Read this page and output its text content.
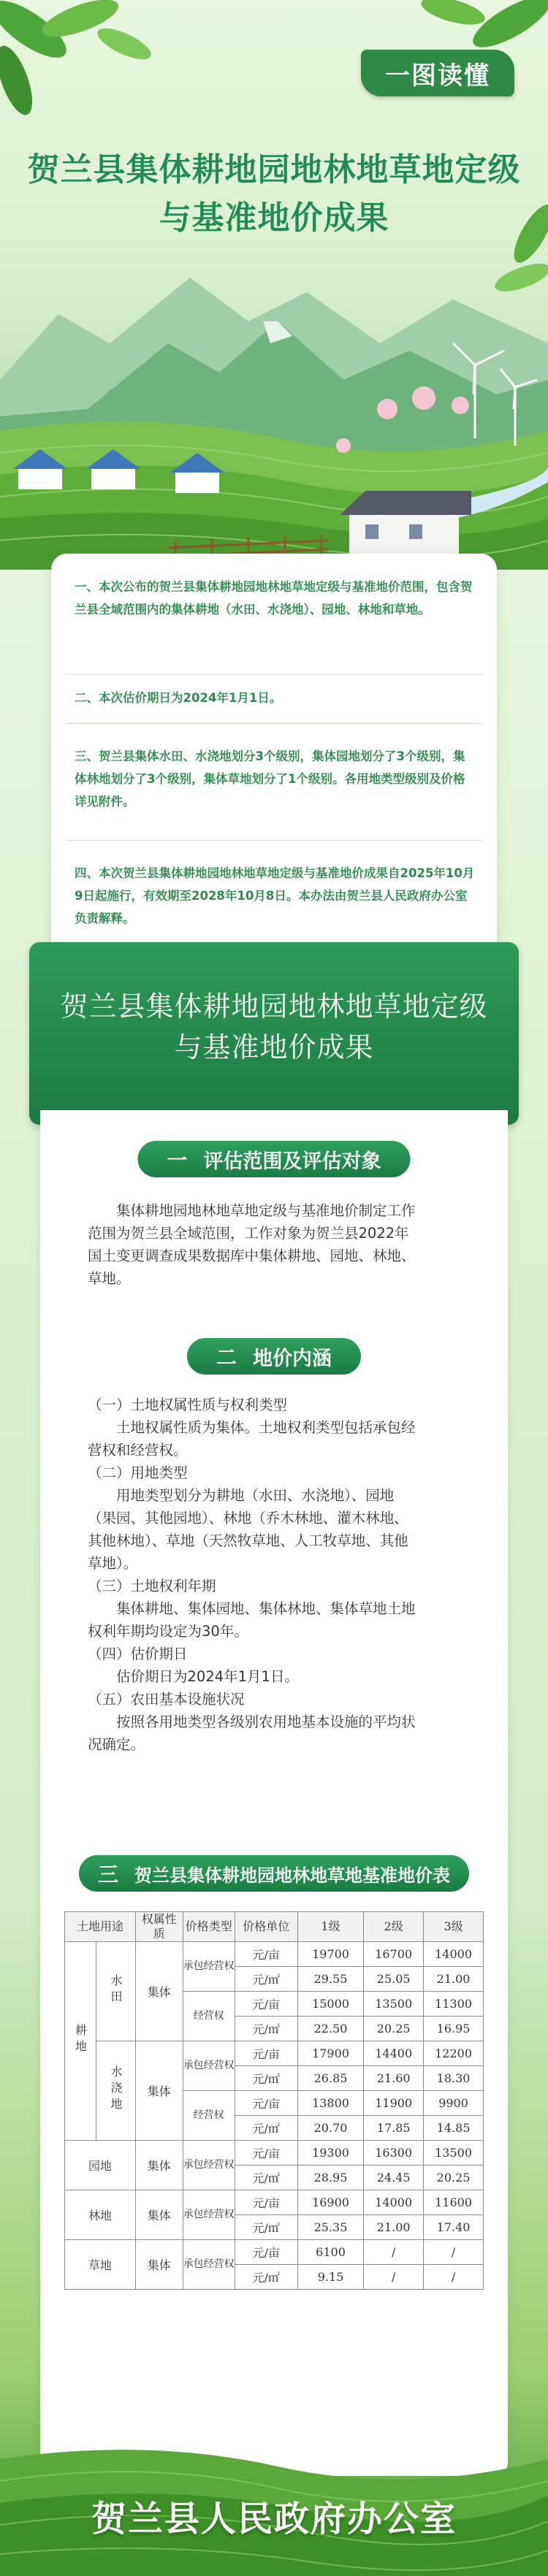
一图读懂
贺兰县集体耕地园地林地草地定级
与基准地价成果

一、本次公布的贺兰县集体耕地园地林地草地定级与基准地价范围，包含贺兰县全域范围内的集体耕地（水田、水浇地）、园地、林地和草地。

二、本次估价期日为2024年1月1日。

三、贺兰县集体水田、水浇地划分3个级别，集体园地划分了3个级别，集体林地划分了3个级别，集体草地划分了1个级别。各用地类型级别及价格详见附件。

四、本次贺兰县集体耕地园地林地草地定级与基准地价成果自2025年10月9日起施行，有效期至2028年10月8日。本办法由贺兰县人民政府办公室负责解释。

贺兰县集体耕地园地林地草地定级
与基准地价成果
一 评估范围及评估对象
　　集体耕地园地林地草地定级与基准地价制定工作
范围为贺兰县全域范围，工作对象为贺兰县2022年
国土变更调查成果数据库中集体耕地、园地、林地、
草地。
二 地价内涵
（一）土地权属性质与权利类型
　　土地权属性质为集体。土地权利类型包括承包经
营权和经营权。
（二）用地类型
　　用地类型划分为耕地（水田、水浇地）、园地
（果园、其他园地）、林地（乔木林地、灌木林地、
其他林地）、草地（天然牧草地、人工牧草地、其他
草地）。
（三）土地权利年期
　　集体耕地、集体园地、集体林地、集体草地土地
权利年期均设定为30年。
（四）估价期日
　　估价期日为2024年1月1日。
（五）农田基本设施状况
　　按照各用地类型各级别农用地基本设施的平均状
况确定。
三 贺兰县集体耕地园地林地草地基准地价表
土地用途		权属性质	价格类型	价格单位	1级	2级	3级
耕地	水田	集体	承包经营权	元/亩	19700	16700	14000
				元/㎡	29.55	25.05	21.00
			经营权	元/亩	15000	13500	11300
				元/㎡	22.50	20.25	16.95
	水浇地	集体	承包经营权	元/亩	17900	14400	12200
				元/㎡	26.85	21.60	18.30
			经营权	元/亩	13800	11900	9900
				元/㎡	20.70	17.85	14.85
园地		集体	承包经营权	元/亩	19300	16300	13500
				元/㎡	28.95	24.45	20.25
林地		集体	承包经营权	元/亩	16900	14000	11600
				元/㎡	25.35	21.00	17.40
草地		集体	承包经营权	元/亩	6100	/	/
				元/㎡	9.15	/	/
贺兰县人民政府办公室
